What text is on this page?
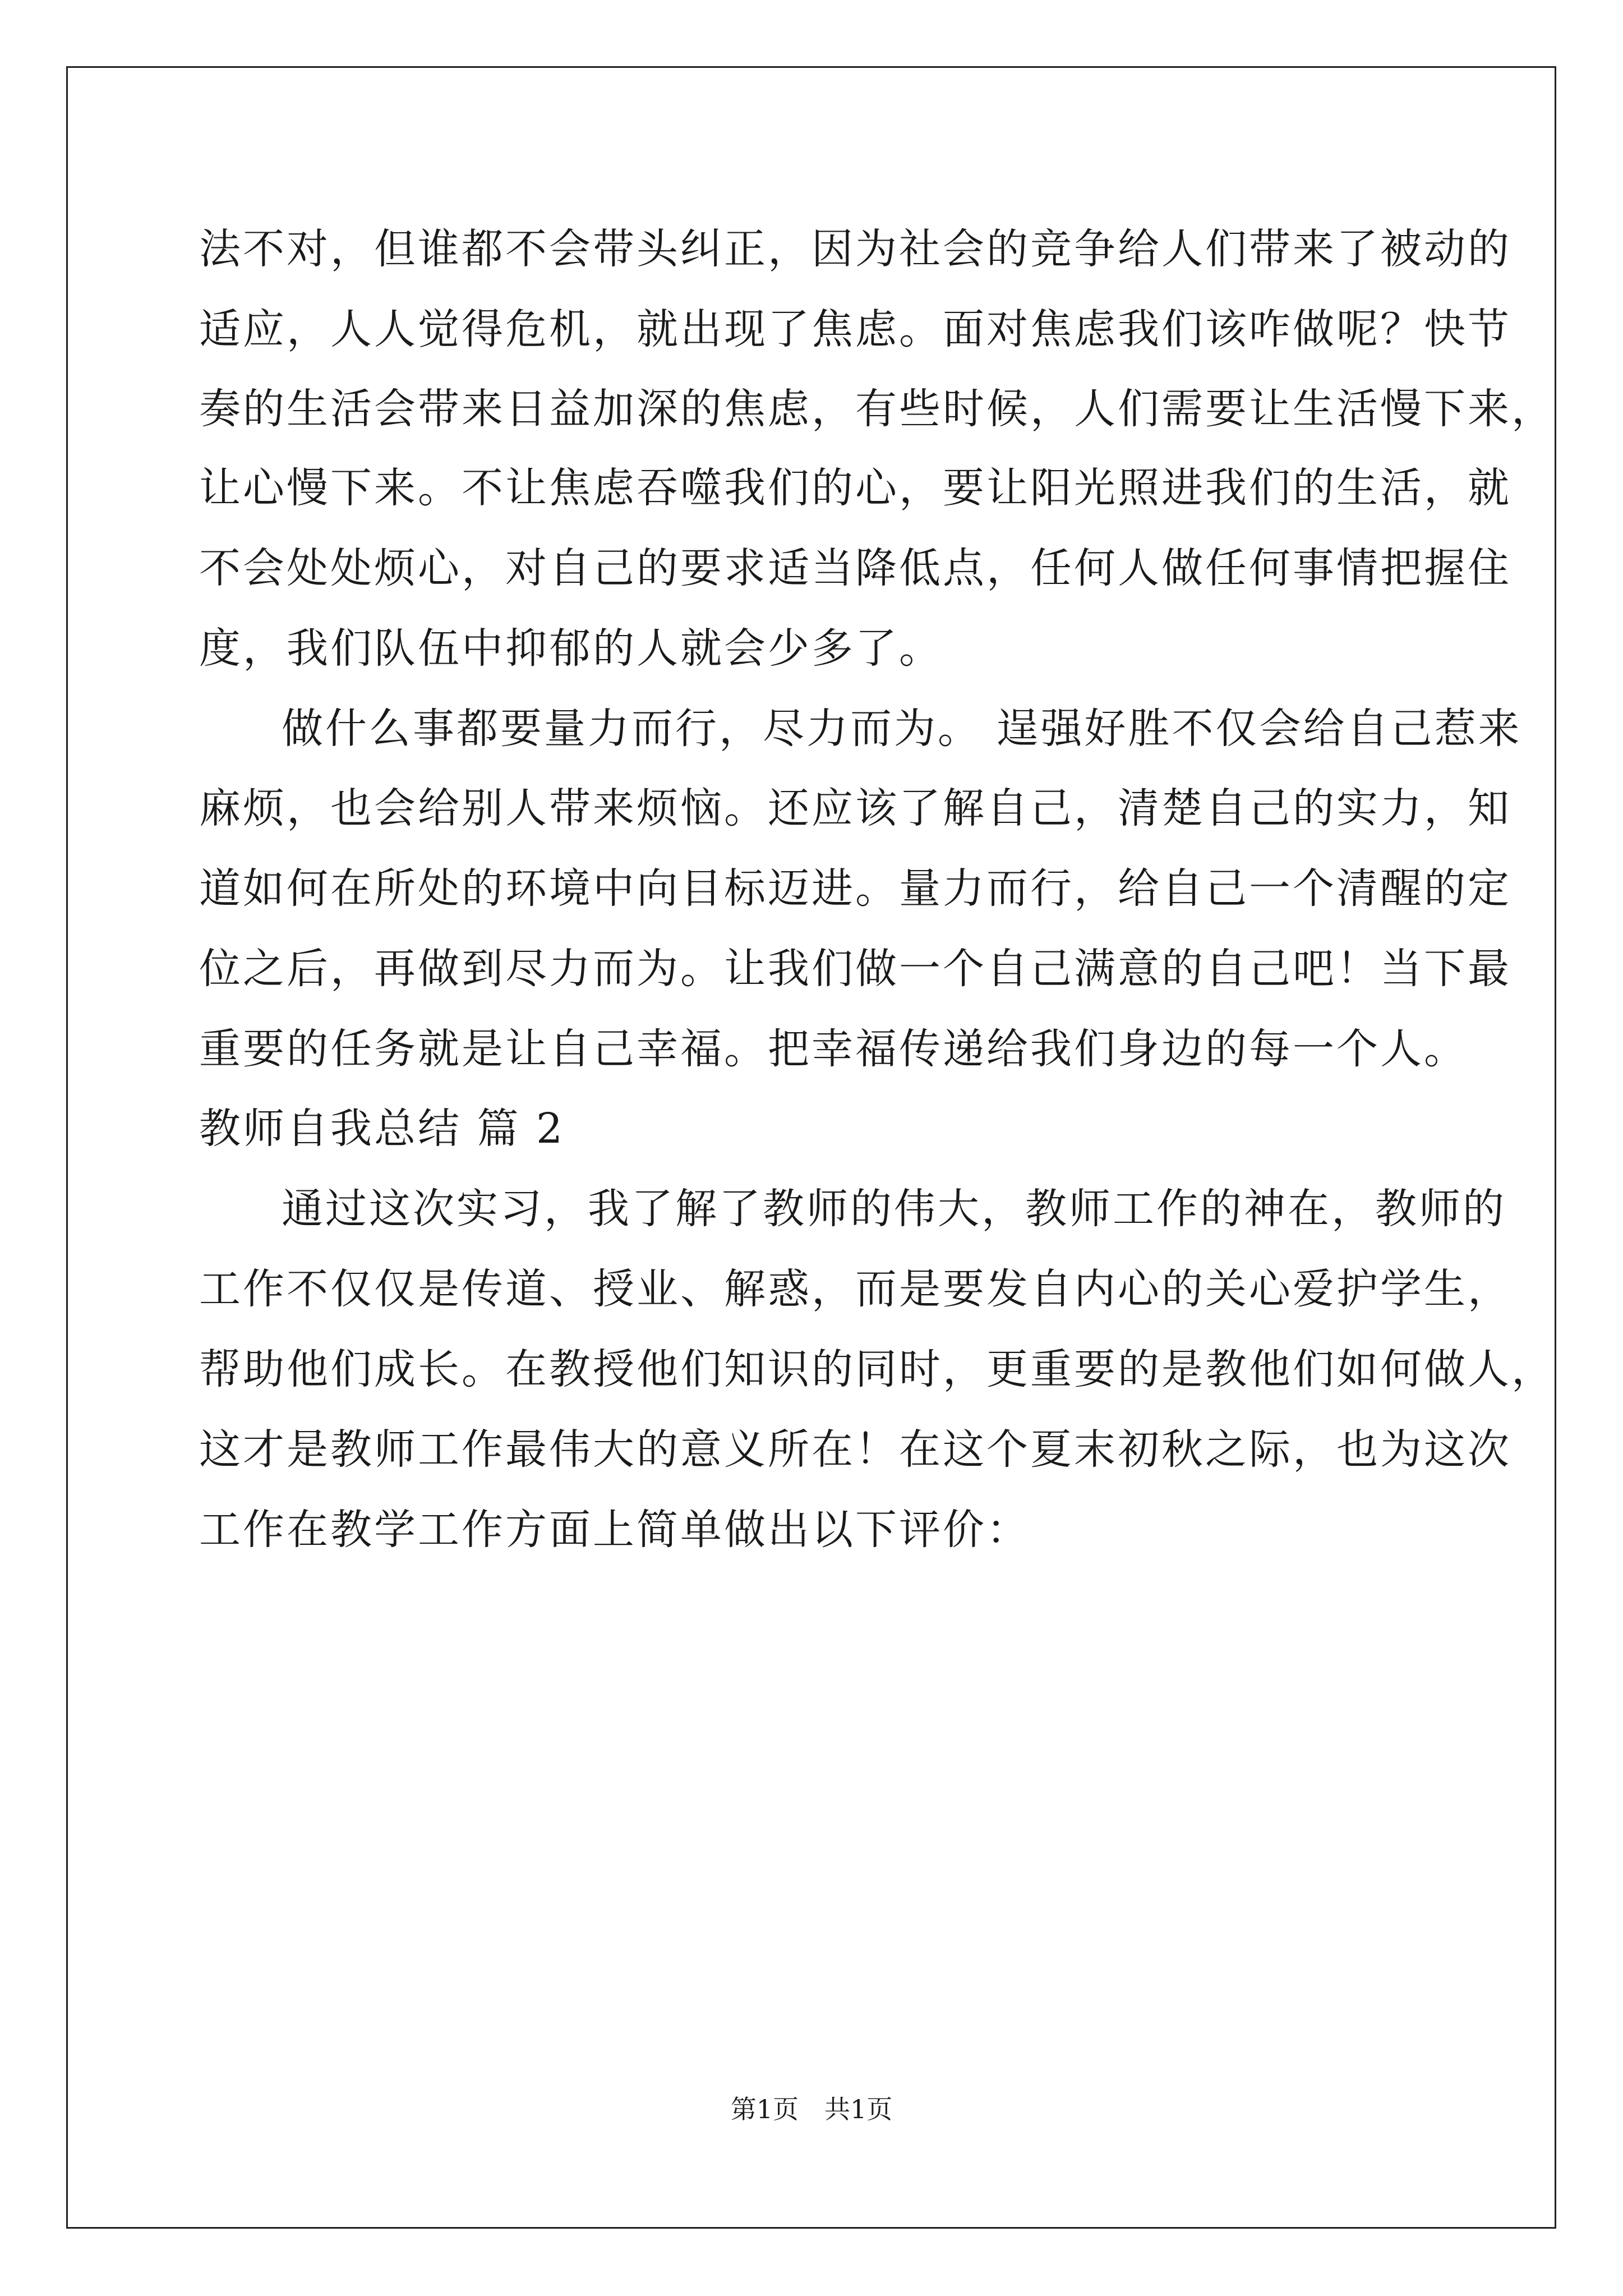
法不对，但谁都不会带头纠正，因为社会的竞争给人们带来了被动的
适应，人人觉得危机，就出现了焦虑。面对焦虑我们该咋做呢？快节
奏的生活会带来日益加深的焦虑，有些时候，人们需要让生活慢下来，
让心慢下来。不让焦虑吞噬我们的心，要让阳光照进我们的生活，就
不会处处烦心，对自己的要求适当降低点，任何人做任何事情把握住
度，我们队伍中抑郁的人就会少多了。
做什么事都要量力而行，尽力而为。 逞强好胜不仅会给自己惹来
麻烦，也会给别人带来烦恼。还应该了解自己，清楚自己的实力，知
道如何在所处的环境中向目标迈进。量力而行，给自己一个清醒的定
位之后，再做到尽力而为。让我们做一个自己满意的自己吧！当下最
重要的任务就是让自己幸福。把幸福传递给我们身边的每一个人。
教师自我总结 篇 2
通过这次实习，我了解了教师的伟大，教师工作的神在，教师的
工作不仅仅是传道、授业、解惑，而是要发自内心的关心爱护学生，
帮助他们成长。在教授他们知识的同时，更重要的是教他们如何做人，
这才是教师工作最伟大的意义所在！在这个夏末初秋之际，也为这次
工作在教学工作方面上简单做出以下评价：
第1页　共1页
